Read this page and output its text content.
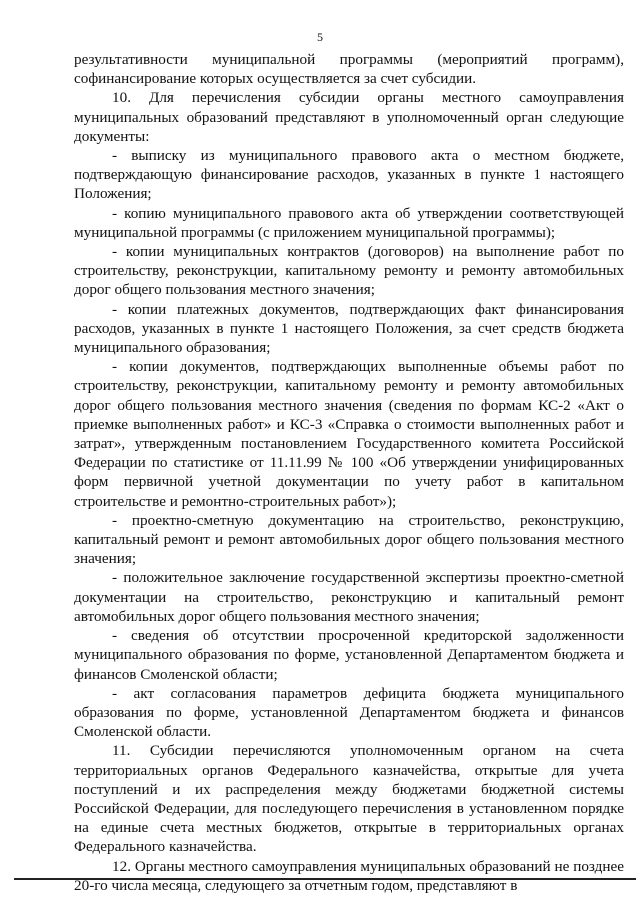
5

результативности муниципальной программы (мероприятий программ), софинансирование которых осуществляется за счет субсидии.

10. Для перечисления субсидии органы местного самоуправления муниципальных образований представляют в уполномоченный орган следующие документы:

- выписку из муниципального правового акта о местном бюджете, подтверждающую финансирование расходов, указанных в пункте 1 настоящего Положения;

- копию муниципального правового акта об утверждении соответствующей муниципальной программы (с приложением муниципальной программы);

- копии муниципальных контрактов (договоров) на выполнение работ по строительству, реконструкции, капитальному ремонту и ремонту автомобильных дорог общего пользования местного значения;

- копии платежных документов, подтверждающих факт финансирования расходов, указанных в пункте 1 настоящего Положения, за счет средств бюджета муниципального образования;

- копии документов, подтверждающих выполненные объемы работ по строительству, реконструкции, капитальному ремонту и ремонту автомобильных дорог общего пользования местного значения (сведения по формам КС-2 «Акт о приемке выполненных работ» и КС-3 «Справка о стоимости выполненных работ и затрат», утвержденным постановлением Государственного комитета Российской Федерации по статистике от 11.11.99 № 100 «Об утверждении унифицированных форм первичной учетной документации по учету работ в капитальном строительстве и ремонтно-строительных работ»);

- проектно-сметную документацию на строительство, реконструкцию, капитальный ремонт и ремонт автомобильных дорог общего пользования местного значения;

- положительное заключение государственной экспертизы проектно-сметной документации на строительство, реконструкцию и капитальный ремонт автомобильных дорог общего пользования местного значения;

- сведения об отсутствии просроченной кредиторской задолженности муниципального образования по форме, установленной Департаментом бюджета и финансов Смоленской области;

- акт согласования параметров дефицита бюджета муниципального образования по форме, установленной Департаментом бюджета и финансов Смоленской области.

11. Субсидии перечисляются уполномоченным органом на счета территориальных органов Федерального казначейства, открытые для учета поступлений и их распределения между бюджетами бюджетной системы Российской Федерации, для последующего перечисления в установленном порядке на единые счета местных бюджетов, открытые в территориальных органах Федерального казначейства.

12. Органы местного самоуправления муниципальных образований не позднее 20-го числа месяца, следующего за отчетным годом, представляют в
